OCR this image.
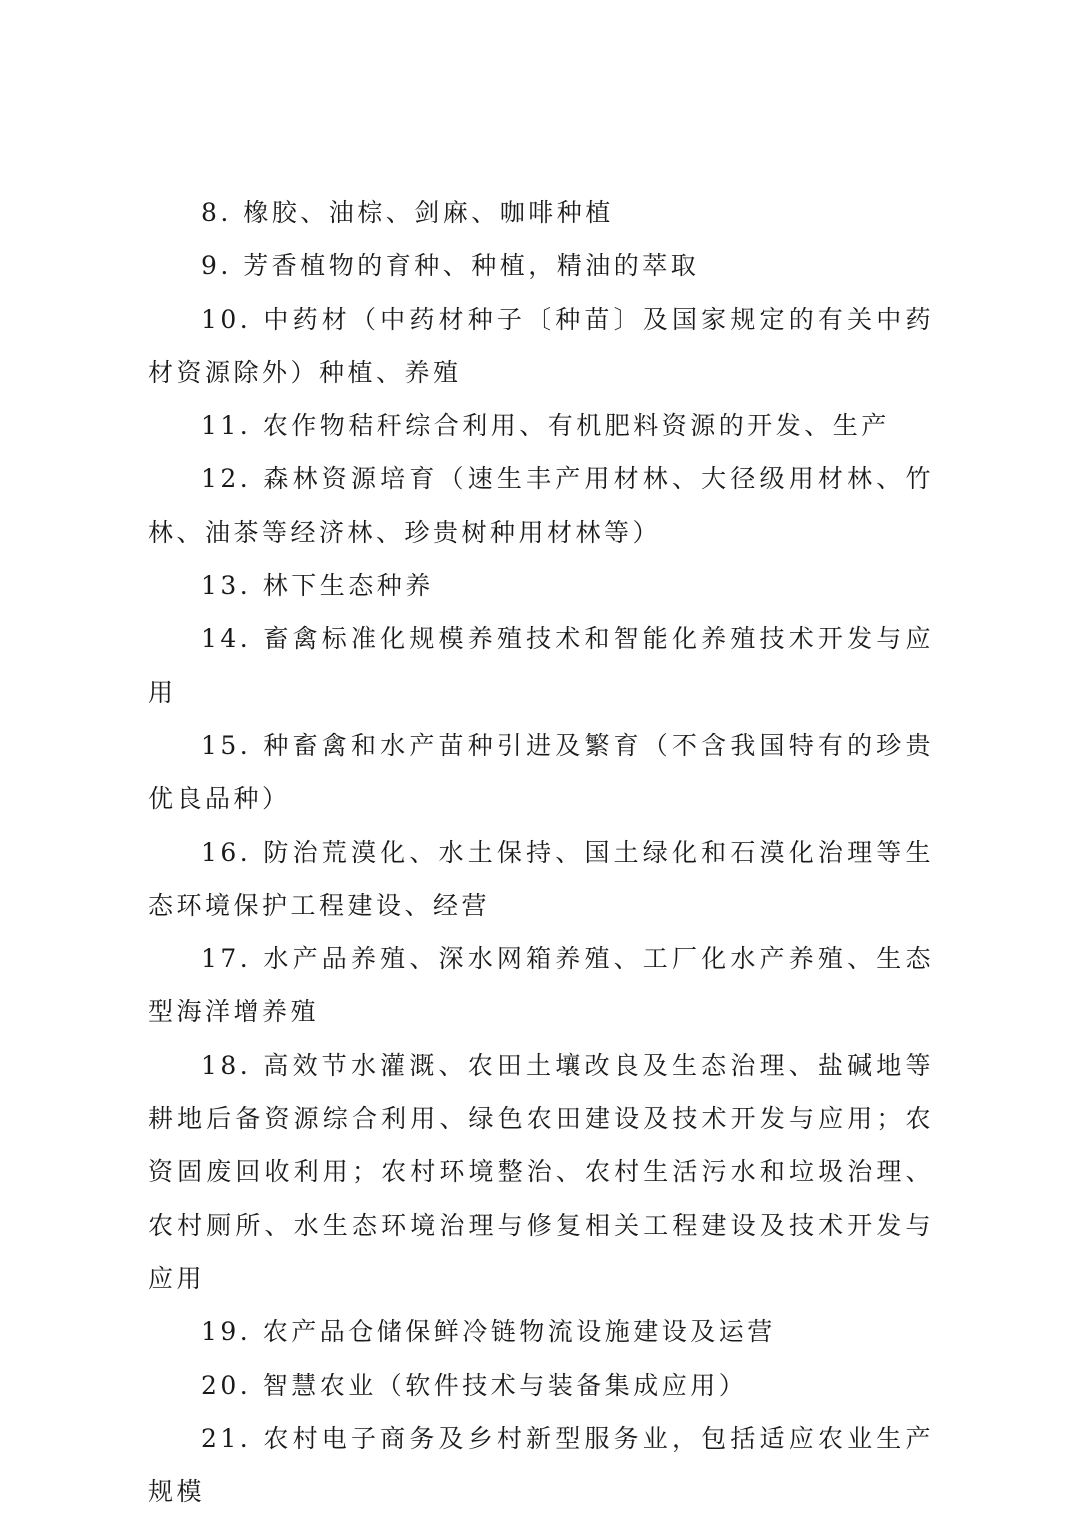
8. 橡胶、油棕、剑麻、咖啡种植

9. 芳香植物的育种、种植，精油的萃取

10. 中药材（中药材种子〔种苗〕及国家规定的有关中药材资源除外）种植、养殖

11. 农作物秸秆综合利用、有机肥料资源的开发、生产

12. 森林资源培育（速生丰产用材林、大径级用材林、竹林、油茶等经济林、珍贵树种用材林等）

13. 林下生态种养

14. 畜禽标准化规模养殖技术和智能化养殖技术开发与应用

15. 种畜禽和水产苗种引进及繁育（不含我国特有的珍贵优良品种）

16. 防治荒漠化、水土保持、国土绿化和石漠化治理等生态环境保护工程建设、经营

17. 水产品养殖、深水网箱养殖、工厂化水产养殖、生态型海洋增养殖

18. 高效节水灌溉、农田土壤改良及生态治理、盐碱地等耕地后备资源综合利用、绿色农田建设及技术开发与应用；农资固废回收利用；农村环境整治、农村生活污水和垃圾治理、农村厕所、水生态环境治理与修复相关工程建设及技术开发与应用

19. 农产品仓储保鲜冷链物流设施建设及运营

20. 智慧农业（软件技术与装备集成应用）

21. 农村电子商务及乡村新型服务业，包括适应农业生产规模
